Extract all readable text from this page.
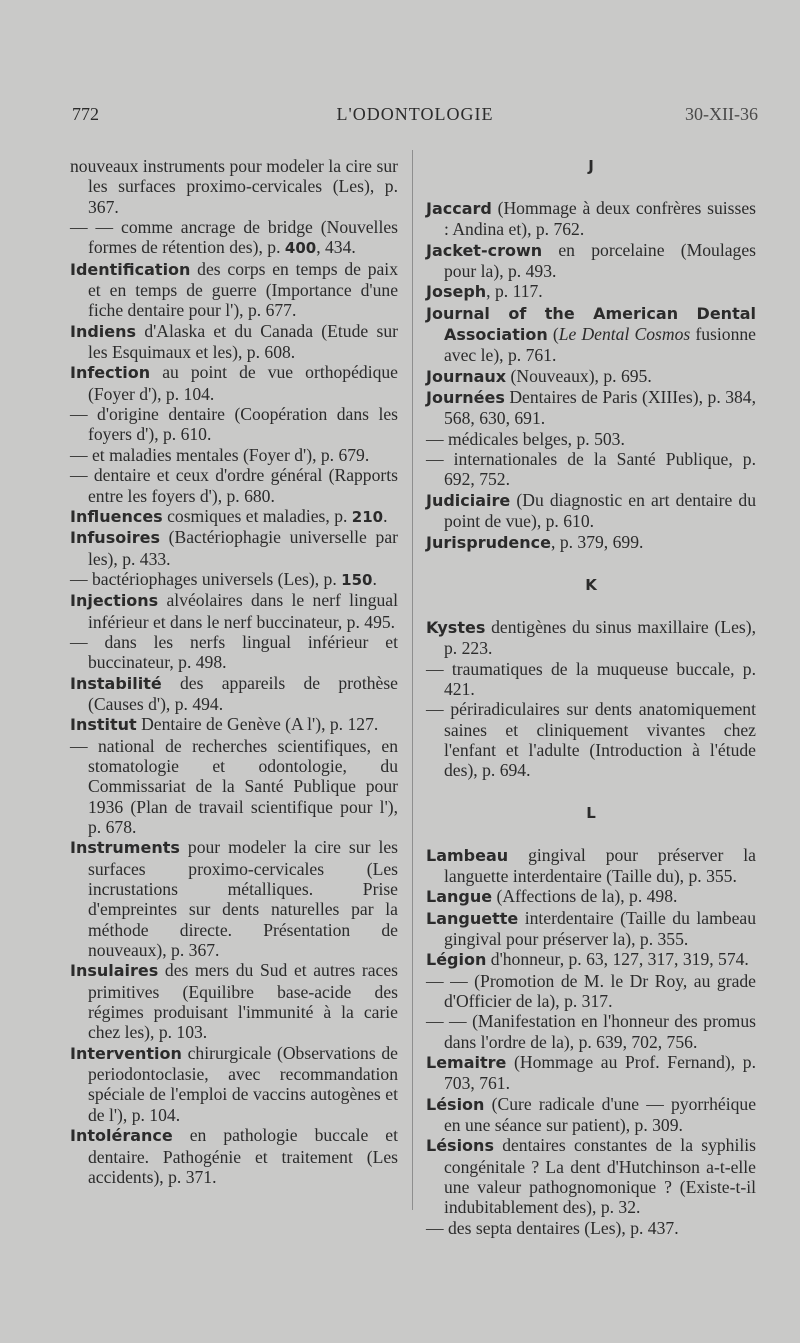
772	L'ODONTOLOGIE	30-XII-36
nouveaux instruments pour modeler la cire sur les surfaces proximo-cervicales (Les), p. 367.
— — comme ancrage de bridge (Nouvelles formes de rétention des), p. 400, 434.
Identification des corps en temps de paix et en temps de guerre (Importance d'une fiche dentaire pour l'), p. 677.
Indiens d'Alaska et du Canada (Etude sur les Esquimaux et les), p. 608.
Infection au point de vue orthopédique (Foyer d'), p. 104.
— d'origine dentaire (Coopération dans les foyers d'), p. 610.
— et maladies mentales (Foyer d'), p. 679.
— dentaire et ceux d'ordre général (Rapports entre les foyers d'), p. 680.
Influences cosmiques et maladies, p. 210.
Infusoires (Bactériophagie universelle par les), p. 433.
— bactériophages universels (Les), p. 150.
Injections alvéolaires dans le nerf lingual inférieur et dans le nerf buccinateur, p. 495.
— dans les nerfs lingual inférieur et buccinateur, p. 498.
Instabilité des appareils de prothèse (Causes d'), p. 494.
Institut Dentaire de Genève (A l'), p. 127.
— national de recherches scientifiques, en stomatologie et odontologie, du Commissariat de la Santé Publique pour 1936 (Plan de travail scientifique pour l'), p. 678.
Instruments pour modeler la cire sur les surfaces proximo-cervicales (Les incrustations métalliques. Prise d'empreintes sur dents naturelles par la méthode directe. Présentation de nouveaux), p. 367.
Insulaires des mers du Sud et autres races primitives (Equilibre base-acide des régimes produisant l'immunité à la carie chez les), p. 103.
Intervention chirurgicale (Observations de periodontoclasie, avec recommandation spéciale de l'emploi de vaccins autogènes et de l'), p. 104.
Intolérance en pathologie buccale et dentaire. Pathogénie et traitement (Les accidents), p. 371.
J
Jaccard (Hommage à deux confrères suisses : Andina et), p. 762.
Jacket-crown en porcelaine (Moulages pour la), p. 493.
Joseph, p. 117.
Journal of the American Dental Association (Le Dental Cosmos fusionne avec le), p. 761.
Journaux (Nouveaux), p. 695.
Journées Dentaires de Paris (XIIIes), p. 384, 568, 630, 691.
— médicales belges, p. 503.
— internationales de la Santé Publique, p. 692, 752.
Judiciaire (Du diagnostic en art dentaire du point de vue), p. 610.
Jurisprudence, p. 379, 699.
K
Kystes dentigènes du sinus maxillaire (Les), p. 223.
— traumatiques de la muqueuse buccale, p. 421.
— périradiculaires sur dents anatomiquement saines et cliniquement vivantes chez l'enfant et l'adulte (Introduction à l'étude des), p. 694.
L
Lambeau gingival pour préserver la languette interdentaire (Taille du), p. 355.
Langue (Affections de la), p. 498.
Languette interdentaire (Taille du lambeau gingival pour préserver la), p. 355.
Légion d'honneur, p. 63, 127, 317, 319, 574.
— — (Promotion de M. le Dr Roy, au grade d'Officier de la), p. 317.
— — (Manifestation en l'honneur des promus dans l'ordre de la), p. 639, 702, 756.
Lemaitre (Hommage au Prof. Fernand), p. 703, 761.
Lésion (Cure radicale d'une — pyorrhéique en une séance sur patient), p. 309.
Lésions dentaires constantes de la syphilis congénitale ? La dent d'Hutchinson a-t-elle une valeur pathognomonique ? (Existe-t-il indubitablement des), p. 32.
— des septa dentaires (Les), p. 437.
